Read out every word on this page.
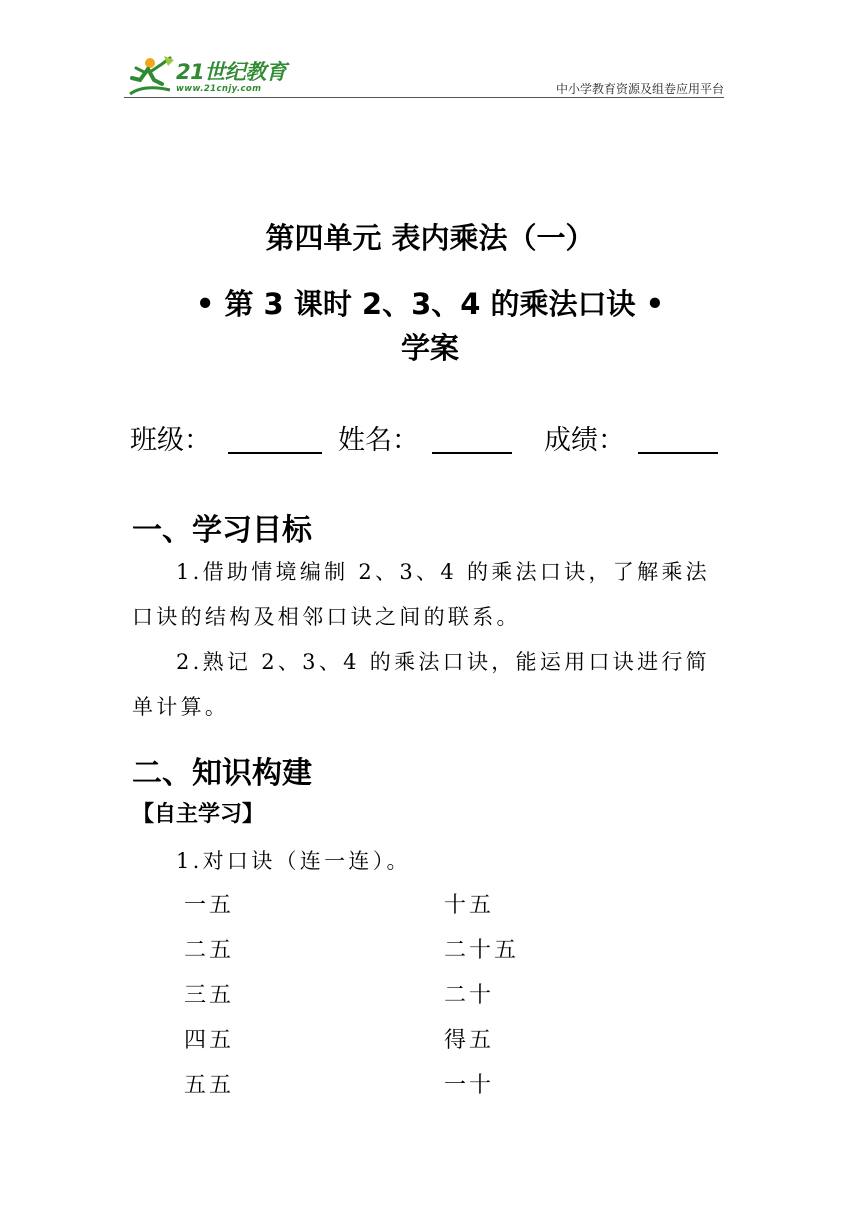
21世纪教育
www.21cnjy.com	中小学教育资源及组卷应用平台
第四单元 表内乘法（一）
• 第 3 课时 2、3、4 的乘法口诀 •
学案
班级：	姓名：	成绩：
一、学习目标
1.借助情境编制 2、3、4 的乘法口诀，了解乘法
口诀的结构及相邻口诀之间的联系。
2.熟记 2、3、4 的乘法口诀，能运用口诀进行简
单计算。
二、知识构建
【自主学习】
1.对口诀（连一连）。
一五	十五
二五	二十五
三五	二十
四五	得五
五五	一十
